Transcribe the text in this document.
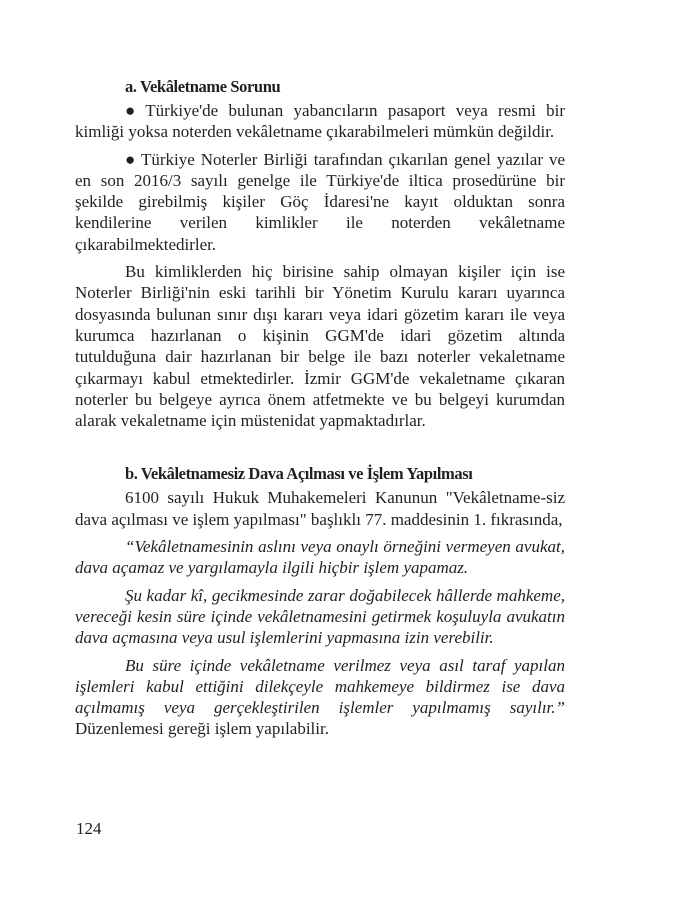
a. Vekâletname Sorunu

● Türkiye'de bulunan yabancıların pasaport veya resmi bir kimliği yoksa noterden vekâletname çıkarabilmeleri mümkün değildir.

● Türkiye Noterler Birliği tarafından çıkarılan genel yazılar ve en son 2016/3 sayılı genelge ile Türkiye'de iltica prosedürüne bir şekilde girebilmiş kişiler Göç İdaresi'ne kayıt olduktan sonra kendilerine verilen kimlikler ile noterden vekâletname çıkarabilmektedirler.

Bu kimliklerden hiç birisine sahip olmayan kişiler için ise Noterler Birliği'nin eski tarihli bir Yönetim Kurulu kararı uyarınca dosyasında bulunan sınır dışı kararı veya idari gözetim kararı ile veya kurumca hazırlanan o kişinin GGM'de idari gözetim altında tutulduğuna dair hazırlanan bir belge ile bazı noterler vekaletname çıkarmayı kabul etmektedirler. İzmir GGM'de vekaletname çıkaran noterler bu belgeye ayrıca önem atfetmekte ve bu belgeyi kurumdan alarak vekaletname için müstenidat yapmaktadırlar.

b. Vekâletnamesiz Dava Açılması ve İşlem Yapılması

6100 sayılı Hukuk Muhakemeleri Kanunun "Vekâletname-siz dava açılması ve işlem yapılması" başlıklı 77. maddesinin 1. fıkrasında,

“Vekâletnamesinin aslını veya onaylı örneğini vermeyen avukat, dava açamaz ve yargılamayla ilgili hiçbir işlem yapamaz.

Şu kadar kî, gecikmesinde zarar doğabilecek hâllerde mahkeme, vereceği kesin süre içinde vekâletnamesini getirmek koşuluyla avukatın dava açmasına veya usul işlemlerini yapmasına izin verebilir.

Bu süre içinde vekâletname verilmez veya asıl taraf yapılan işlemleri kabul ettiğini dilekçeyle mahkemeye bildirmez ise dava açılmamış veya gerçekleştirilen işlemler yapılmamış sayılır.” Düzenlemesi gereği işlem yapılabilir.

124
